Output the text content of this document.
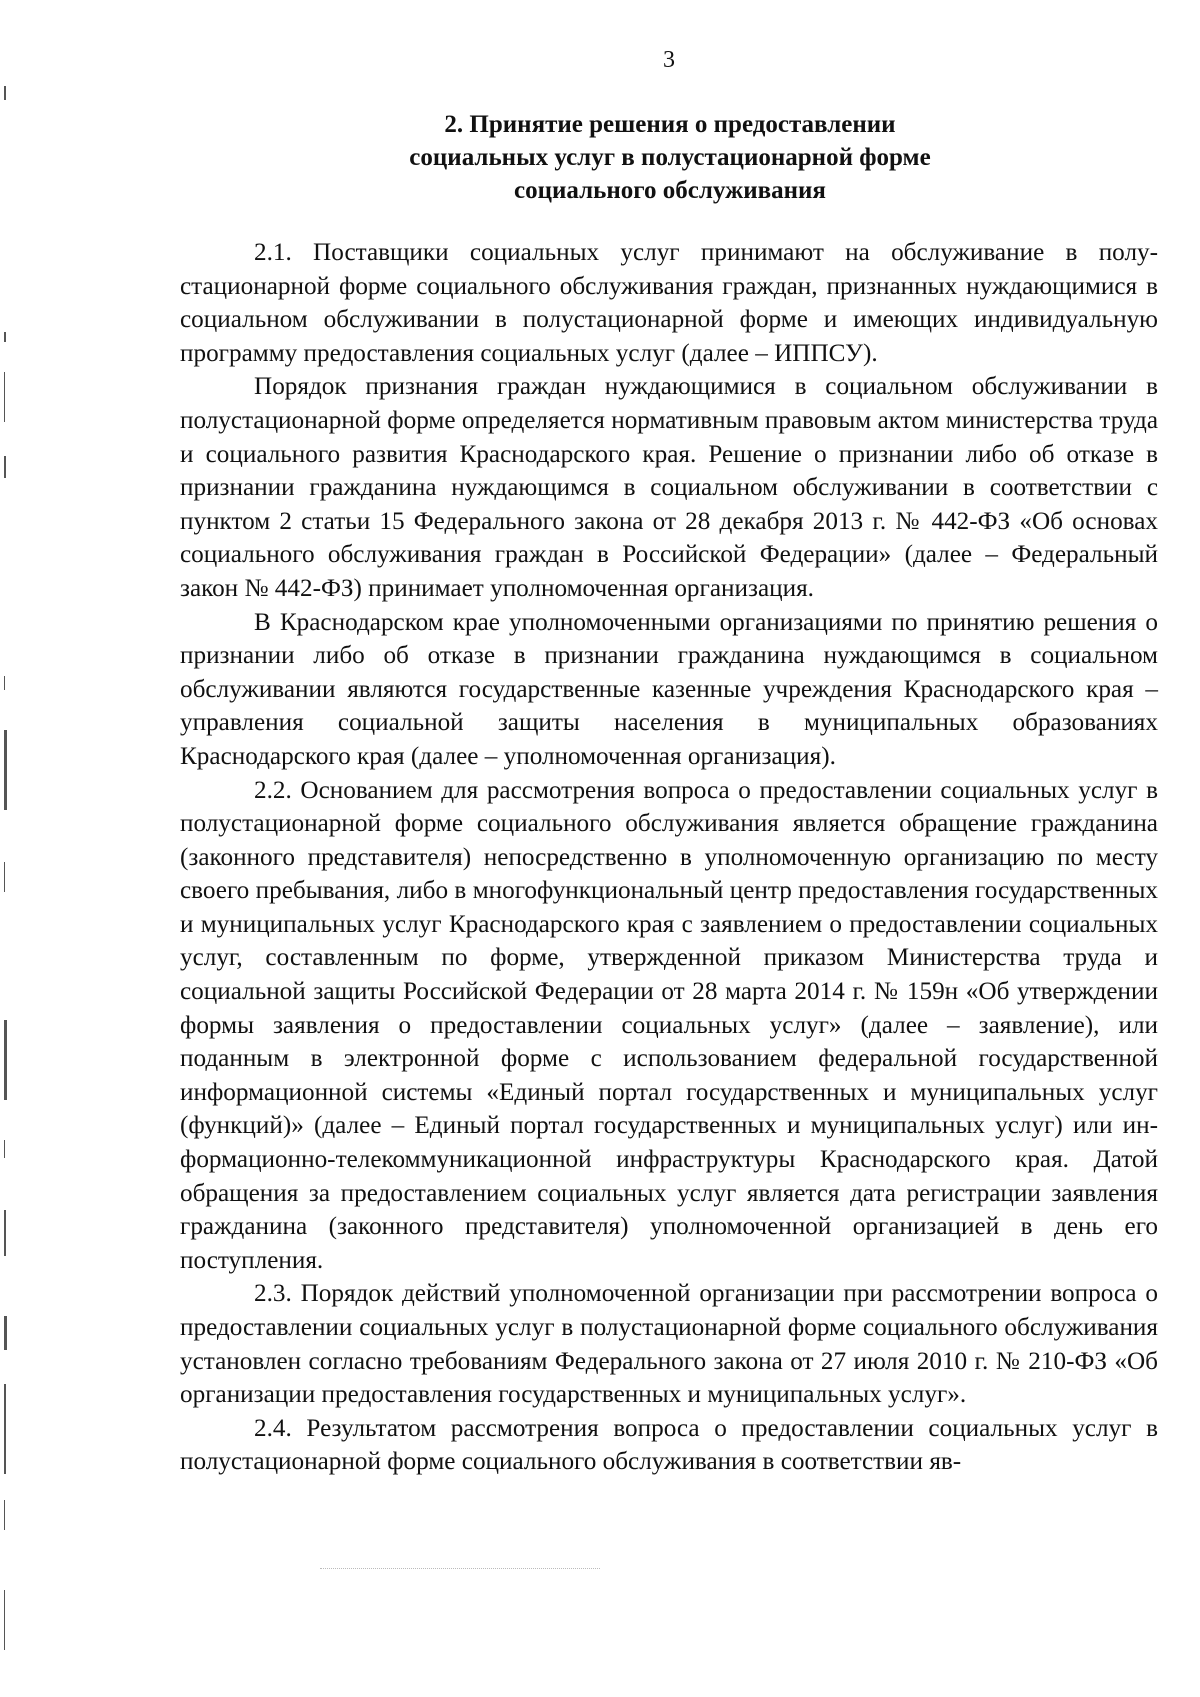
3
2. Принятие решения о предоставлении
социальных услуг в полустационарной форме
социального обслуживания

2.1. Поставщики социальных услуг принимают на обслуживание в полустационарной форме социального обслуживания граждан, признанных нуждающимися в социальном обслуживании в полустационарной форме и имеющих индивидуальную программу предоставления социальных услуг (далее – ИППСУ).

Порядок признания граждан нуждающимися в социальном обслуживании в полустационарной форме определяется нормативным правовым актом министерства труда и социального развития Краснодарского края. Решение о признании либо об отказе в признании гражданина нуждающимся в социальном обслуживании в соответствии с пунктом 2 статьи 15 Федерального закона от 28 декабря 2013 г. № 442-ФЗ «Об основах социального обслуживания граждан в Российской Федерации» (далее – Федеральный закон № 442-ФЗ) принимает уполномоченная организация.

В Краснодарском крае уполномоченными организациями по принятию решения о признании либо об отказе в признании гражданина нуждающимся в социальном обслуживании являются государственные казенные учреждения Краснодарского края – управления социальной защиты населения в муниципальных образованиях Краснодарского края (далее – уполномоченная организация).

2.2. Основанием для рассмотрения вопроса о предоставлении социальных услуг в полустационарной форме социального обслуживания является обращение гражданина (законного представителя) непосредственно в уполномоченную организацию по месту своего пребывания, либо в многофункциональный центр предоставления государственных и муниципальных услуг Краснодарского края с заявлением о предоставлении социальных услуг, составленным по форме, утвержденной приказом Министерства труда и социальной защиты Российской Федерации от 28 марта 2014 г. № 159н «Об утверждении формы заявления о предоставлении социальных услуг» (далее – заявление), или поданным в электронной форме с использованием федеральной государственной информационной системы «Единый портал государственных и муниципальных услуг (функций)» (далее – Единый портал государственных и муниципальных услуг) или информационно-телекоммуникационной инфраструктуры Краснодарского края. Датой обращения за предоставлением социальных услуг является дата регистрации заявления гражданина (законного представителя) уполномоченной организацией в день его поступления.

2.3. Порядок действий уполномоченной организации при рассмотрении вопроса о предоставлении социальных услуг в полустационарной форме социального обслуживания установлен согласно требованиям Федерального закона от 27 июля 2010 г. № 210-ФЗ «Об организации предоставления государственных и муниципальных услуг».

2.4. Результатом рассмотрения вопроса о предоставлении социальных услуг в полустационарной форме социального обслуживания в соответствии яв-
